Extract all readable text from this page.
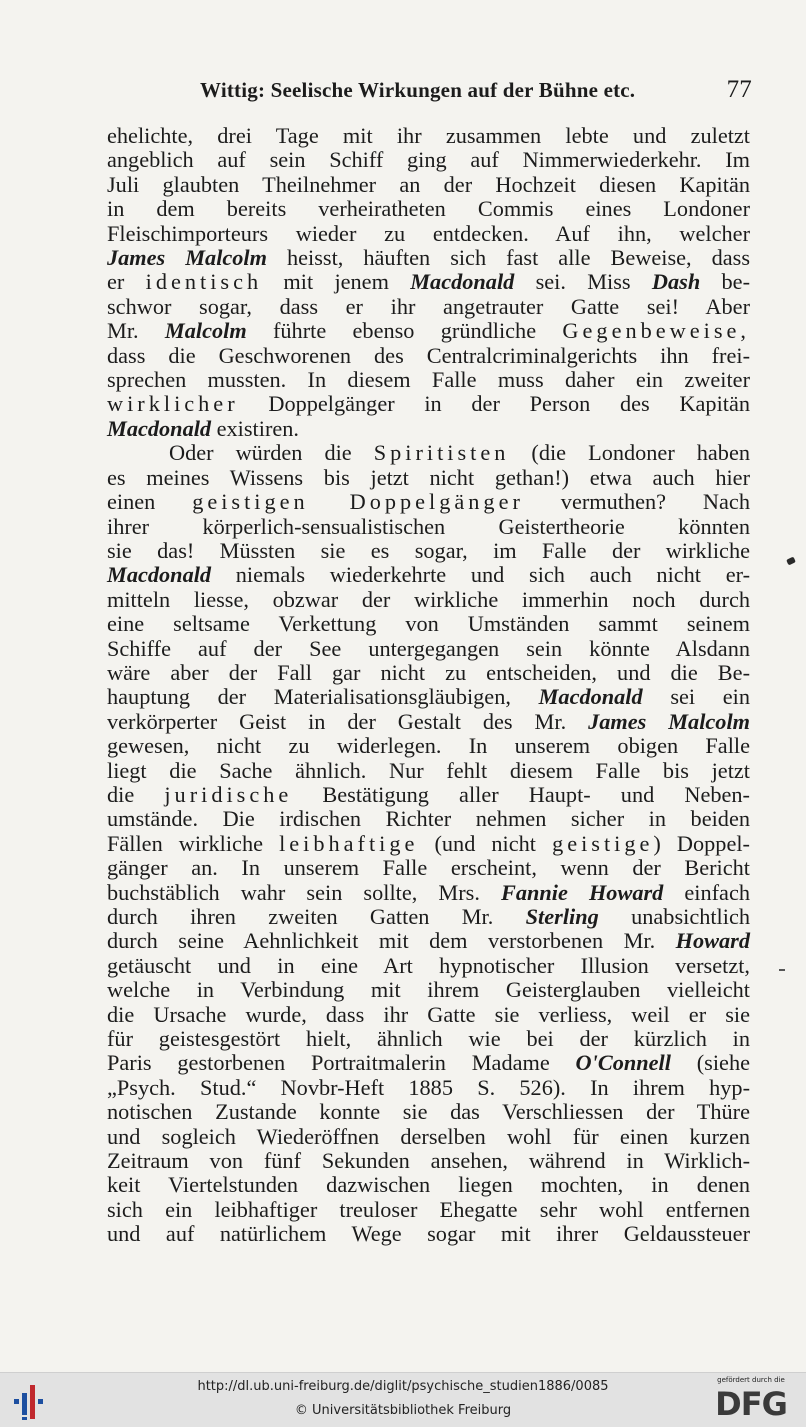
Wittig: Seelische Wirkungen auf der Bühne etc.	77
ehelichte, drei Tage mit ihr zusammen lebte und zuletzt
angeblich auf sein Schiff ging auf Nimmerwiederkehr. Im
Juli glaubten Theilnehmer an der Hochzeit diesen Kapitän
in dem bereits verheiratheten Commis eines Londoner
Fleischimporteurs wieder zu entdecken. Auf ihn, welcher
James Malcolm heisst, häuften sich fast alle Beweise, dass
er identisch mit jenem Macdonald sei. Miss Dash be-
schwor sogar, dass er ihr angetrauter Gatte sei! Aber
Mr. Malcolm führte ebenso gründliche Gegenbeweise,
dass die Geschworenen des Centralcriminalgerichts ihn frei-
sprechen mussten. In diesem Falle muss daher ein zweiter
wirklicher Doppelgänger in der Person des Kapitän
Macdonald existiren.
Oder würden die Spiritisten (die Londoner haben
es meines Wissens bis jetzt nicht gethan!) etwa auch hier
einen geistigen Doppelgänger vermuthen? Nach
ihrer körperlich-sensualistischen Geistertheorie könnten
sie das! Müssten sie es sogar, im Falle der wirkliche
Macdonald niemals wiederkehrte und sich auch nicht er-
mitteln liesse, obzwar der wirkliche immerhin noch durch
eine seltsame Verkettung von Umständen sammt seinem
Schiffe auf der See untergegangen sein könnte Alsdann
wäre aber der Fall gar nicht zu entscheiden, und die Be-
hauptung der Materialisationsgläubigen, Macdonald sei ein
verkörperter Geist in der Gestalt des Mr. James Malcolm
gewesen, nicht zu widerlegen. In unserem obigen Falle
liegt die Sache ähnlich. Nur fehlt diesem Falle bis jetzt
die juridische Bestätigung aller Haupt- und Neben-
umstände. Die irdischen Richter nehmen sicher in beiden
Fällen wirkliche leibhaftige (und nicht geistige) Doppel-
gänger an. In unserem Falle erscheint, wenn der Bericht
buchstäblich wahr sein sollte, Mrs. Fannie Howard einfach
durch ihren zweiten Gatten Mr. Sterling unabsichtlich
durch seine Aehnlichkeit mit dem verstorbenen Mr. Howard
getäuscht und in eine Art hypnotischer Illusion versetzt,
welche in Verbindung mit ihrem Geisterglauben vielleicht
die Ursache wurde, dass ihr Gatte sie verliess, weil er sie
für geistesgestört hielt, ähnlich wie bei der kürzlich in
Paris gestorbenen Portraitmalerin Madame O'Connell (siehe
„Psych. Stud.“ Novbr-Heft 1885 S. 526). In ihrem hyp-
notischen Zustande konnte sie das Verschliessen der Thüre
und sogleich Wiederöffnen derselben wohl für einen kurzen
Zeitraum von fünf Sekunden ansehen, während in Wirklich-
keit Viertelstunden dazwischen liegen mochten, in denen
sich ein leibhaftiger treuloser Ehegatte sehr wohl entfernen
und auf natürlichem Wege sogar mit ihrer Geldaussteuer
http://dl.ub.uni-freiburg.de/diglit/psychische_studien1886/0085
© Universitätsbibliothek Freiburg
gefördert durch die
DFG
